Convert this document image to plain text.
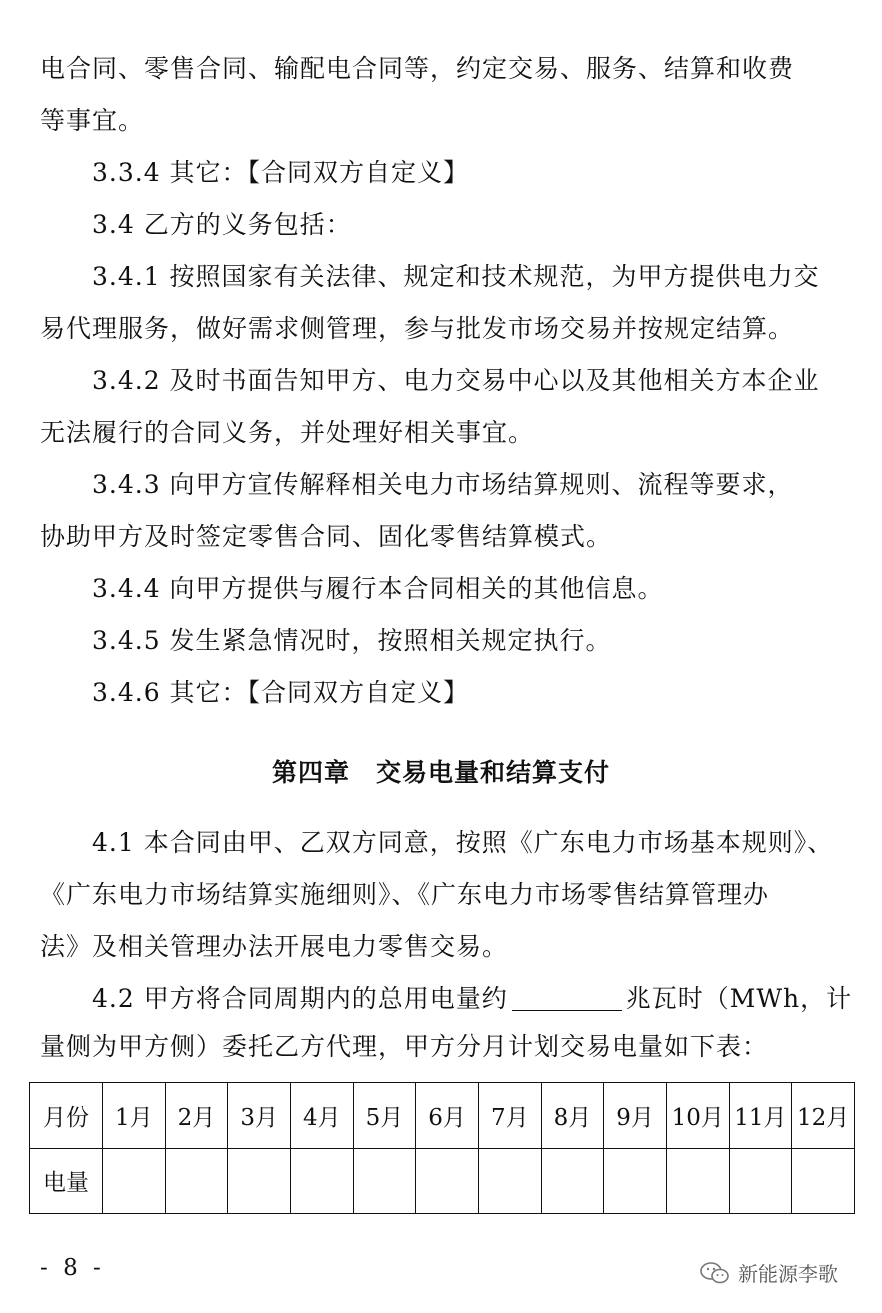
电合同、零售合同、输配电合同等，约定交易、服务、结算和收费
等事宜。
3.3.4 其它：【合同双方自定义】
3.4 乙方的义务包括：
3.4.1 按照国家有关法律、规定和技术规范，为甲方提供电力交
易代理服务，做好需求侧管理，参与批发市场交易并按规定结算。
3.4.2 及时书面告知甲方、电力交易中心以及其他相关方本企业
无法履行的合同义务，并处理好相关事宜。
3.4.3 向甲方宣传解释相关电力市场结算规则、流程等要求，
协助甲方及时签定零售合同、固化零售结算模式。
3.4.4 向甲方提供与履行本合同相关的其他信息。
3.4.5 发生紧急情况时，按照相关规定执行。
3.4.6 其它：【合同双方自定义】
第四章　交易电量和结算支付
4.1 本合同由甲、乙双方同意，按照《广东电力市场基本规则》、
《广东电力市场结算实施细则》、《广东电力市场零售结算管理办
法》及相关管理办法开展电力零售交易。
4.2 甲方将合同周期内的总用电量约	兆瓦时（MWh，计
量侧为甲方侧）委托乙方代理，甲方分月计划交易电量如下表：
月份	1月	2月	3月	4月	5月	6月	7月	8月	9月	10月	11月	12月
电量												
- 8 -	新能源李歌
